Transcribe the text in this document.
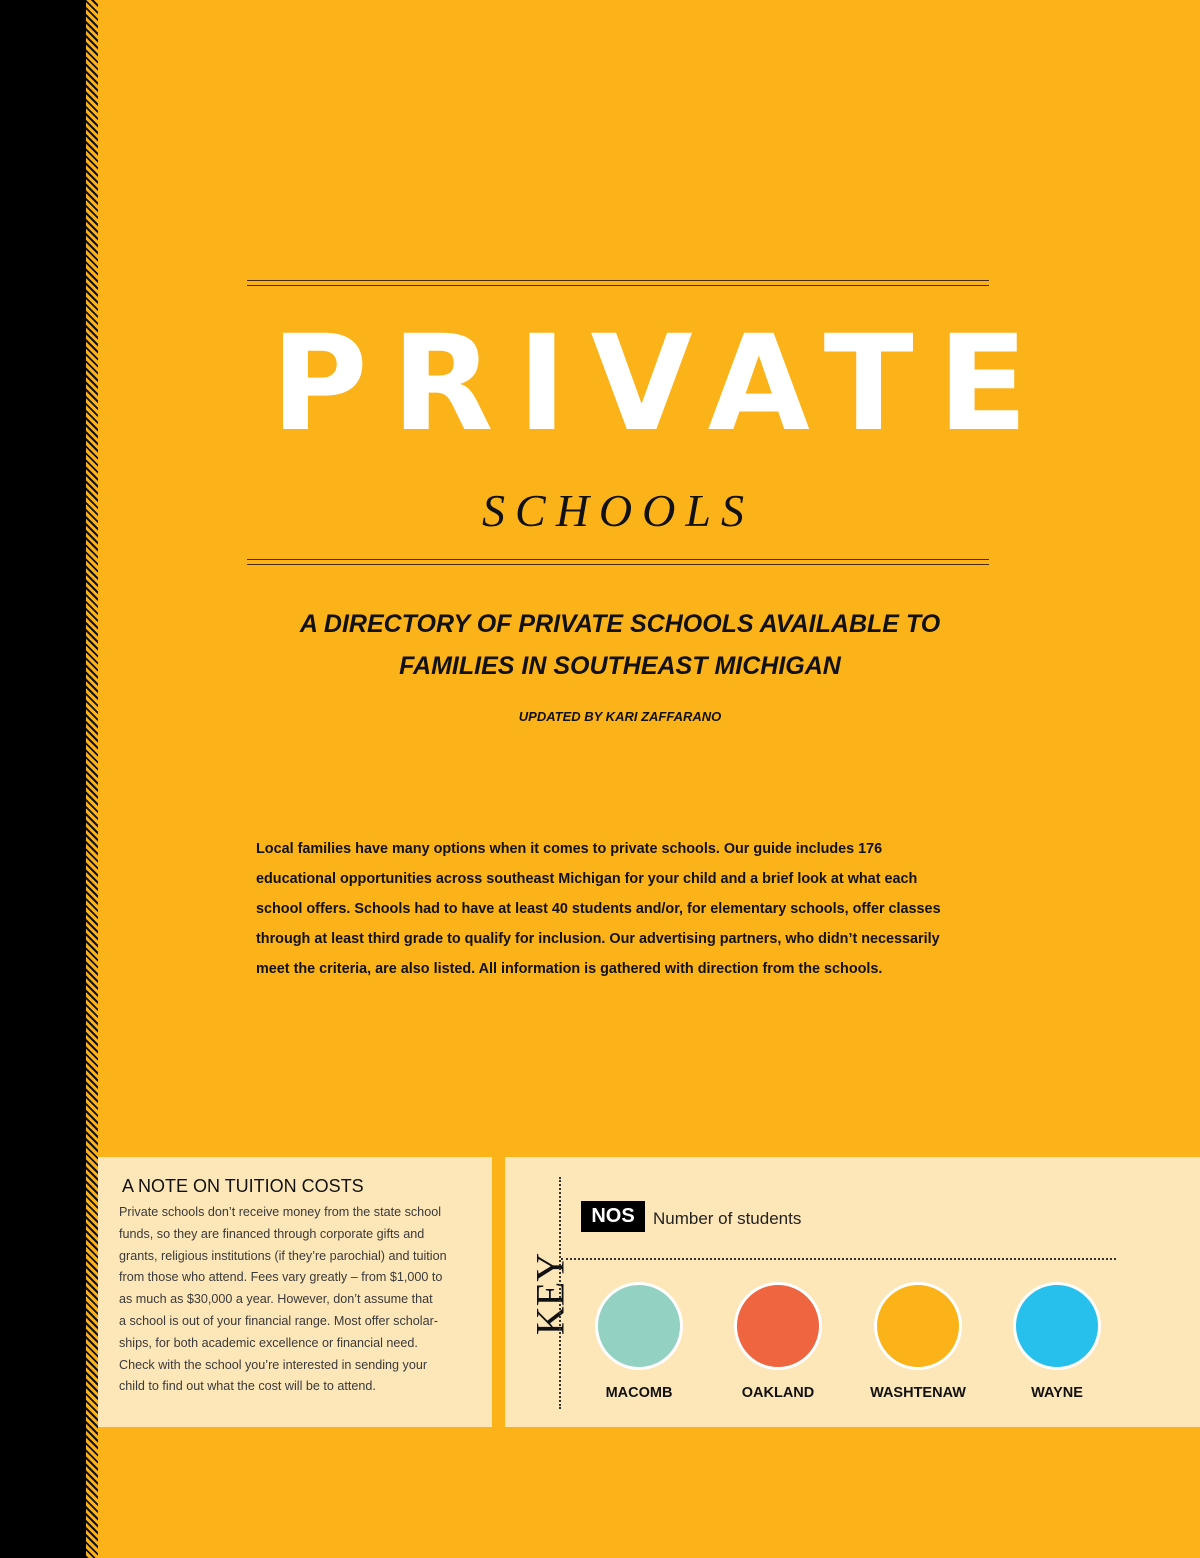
PRIVATE
SCHOOLS
A DIRECTORY OF PRIVATE SCHOOLS AVAILABLE TO
FAMILIES IN SOUTHEAST MICHIGAN
UPDATED BY KARI ZAFFARANO
Local families have many options when it comes to private schools. Our guide includes 176
educational opportunities across southeast Michigan for your child and a brief look at what each
school offers. Schools had to have at least 40 students and/or, for elementary schools, offer classes
through at least third grade to qualify for inclusion. Our advertising partners, who didn’t necessarily
meet the criteria, are also listed. All information is gathered with direction from the schools.
A NOTE ON TUITION COSTS
Private schools don’t receive money from the state school
funds, so they are financed through corporate gifts and
grants, religious institutions (if they’re parochial) and tuition
from those who attend. Fees vary greatly – from $1,000 to
as much as $30,000 a year. However, don’t assume that
a school is out of your financial range. Most offer scholar-
ships, for both academic excellence or financial need.
Check with the school you’re interested in sending your
child to find out what the cost will be to attend.
KEY
NOS	Number of students
MACOMB	OAKLAND	WASHTENAW	WAYNE
